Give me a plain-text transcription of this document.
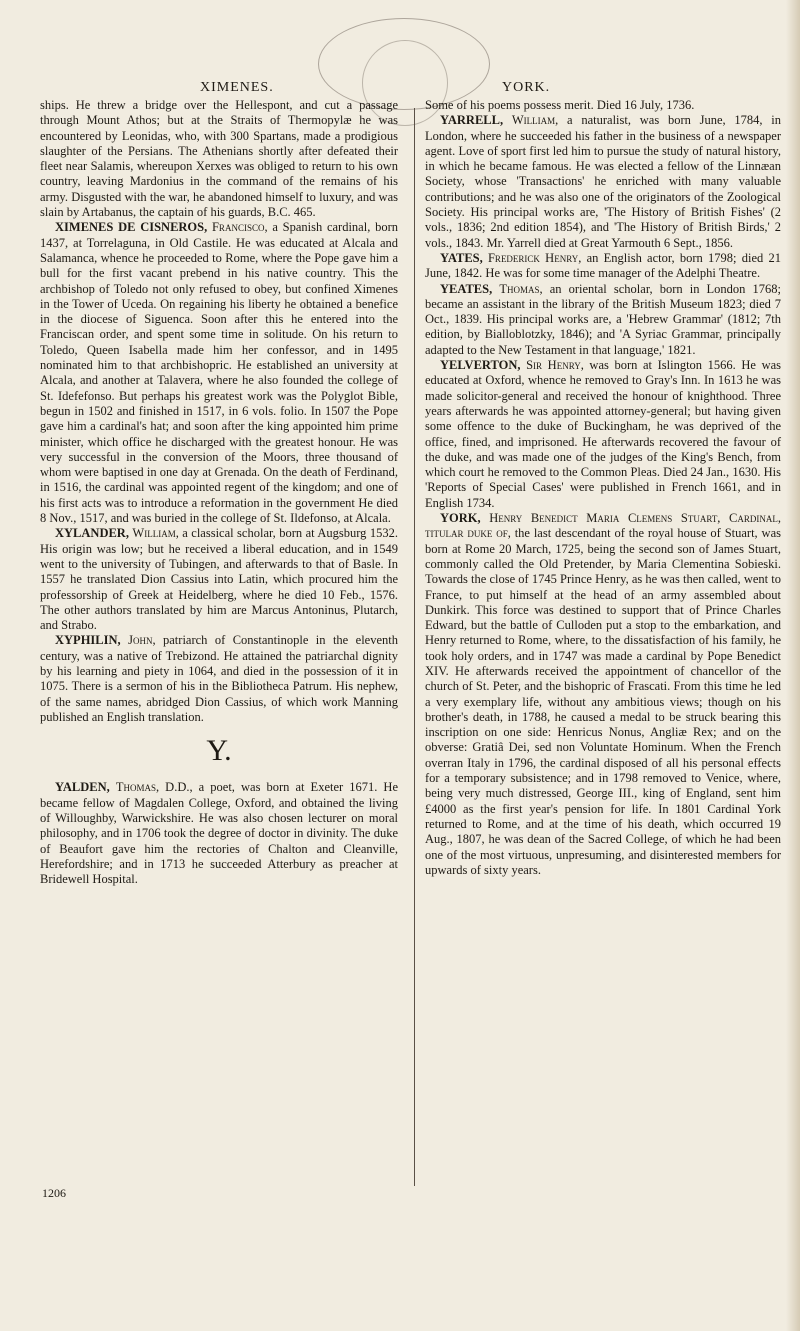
XIMENES.	YORK.

ships. He threw a bridge over the Hellespont, and cut a passage through Mount Athos; but at the Straits of Thermopylæ he was encountered by Leonidas, who, with 300 Spartans, made a prodigious slaughter of the Persians. The Athenians shortly after defeated their fleet near Salamis, whereupon Xerxes was obliged to return to his own country, leaving Mardonius in the command of the remains of his army. Disgusted with the war, he abandoned himself to luxury, and was slain by Artabanus, the captain of his guards, B.C. 465.

XIMENES DE CISNEROS, Francisco, a Spanish cardinal, born 1437, at Torrelaguna, in Old Castile. He was educated at Alcala and Salamanca, whence he proceeded to Rome, where the Pope gave him a bull for the first vacant prebend in his native country. This the archbishop of Toledo not only refused to obey, but confined Ximenes in the Tower of Uceda. On regaining his liberty he obtained a benefice in the diocese of Siguenca. Soon after this he entered into the Franciscan order, and spent some time in solitude. On his return to Toledo, Queen Isabella made him her confessor, and in 1495 nominated him to that archbishopric. He established an university at Alcala, and another at Talavera, where he also founded the college of St. Idefefonso. But perhaps his greatest work was the Polyglot Bible, begun in 1502 and finished in 1517, in 6 vols. folio. In 1507 the Pope gave him a cardinal's hat; and soon after the king appointed him prime minister, which office he discharged with the greatest honour. He was very successful in the conversion of the Moors, three thousand of whom were baptised in one day at Grenada. On the death of Ferdinand, in 1516, the cardinal was appointed regent of the kingdom; and one of his first acts was to introduce a reformation in the government He died 8 Nov., 1517, and was buried in the college of St. Ildefonso, at Alcala.

XYLANDER, William, a classical scholar, born at Augsburg 1532. His origin was low; but he received a liberal education, and in 1549 went to the university of Tubingen, and afterwards to that of Basle. In 1557 he translated Dion Cassius into Latin, which procured him the professorship of Greek at Heidelberg, where he died 10 Feb., 1576. The other authors translated by him are Marcus Antoninus, Plutarch, and Strabo.

XYPHILIN, John, patriarch of Constantinople in the eleventh century, was a native of Trebizond. He attained the patriarchal dignity by his learning and piety in 1064, and died in the possession of it in 1075. There is a sermon of his in the Bibliotheca Patrum. His nephew, of the same names, abridged Dion Cassius, of which work Manning published an English translation.

Y.

YALDEN, Thomas, D.D., a poet, was born at Exeter 1671. He became fellow of Magdalen College, Oxford, and obtained the living of Willoughby, Warwickshire. He was also chosen lecturer on moral philosophy, and in 1706 took the degree of doctor in divinity. The duke of Beaufort gave him the rectories of Chalton and Cleanville, Herefordshire; and in 1713 he succeeded Atterbury as preacher at Bridewell Hospital.

Some of his poems possess merit. Died 16 July, 1736.

YARRELL, William, a naturalist, was born June, 1784, in London, where he succeeded his father in the business of a newspaper agent. Love of sport first led him to pursue the study of natural history, in which he became famous. He was elected a fellow of the Linnæan Society, whose 'Transactions' he enriched with many valuable contributions; and he was also one of the originators of the Zoological Society. His principal works are, 'The History of British Fishes' (2 vols., 1836; 2nd edition 1854), and 'The History of British Birds,' 2 vols., 1843. Mr. Yarrell died at Great Yarmouth 6 Sept., 1856.

YATES, Frederick Henry, an English actor, born 1798; died 21 June, 1842. He was for some time manager of the Adelphi Theatre.

YEATES, Thomas, an oriental scholar, born in London 1768; became an assistant in the library of the British Museum 1823; died 7 Oct., 1839. His principal works are, a 'Hebrew Grammar' (1812; 7th edition, by Bialloblotzky, 1846); and 'A Syriac Grammar, principally adapted to the New Testament in that language,' 1821.

YELVERTON, Sir Henry, was born at Islington 1566. He was educated at Oxford, whence he removed to Gray's Inn. In 1613 he was made solicitor-general and received the honour of knighthood. Three years afterwards he was appointed attorney-general; but having given some offence to the duke of Buckingham, he was deprived of the office, fined, and imprisoned. He afterwards recovered the favour of the duke, and was made one of the judges of the King's Bench, from which court he removed to the Common Pleas. Died 24 Jan., 1630. His 'Reports of Special Cases' were published in French 1661, and in English 1734.

YORK, Henry Benedict Maria Clemens Stuart, Cardinal, titular duke of, the last descendant of the royal house of Stuart, was born at Rome 20 March, 1725, being the second son of James Stuart, commonly called the Old Pretender, by Maria Clementina Sobieski. Towards the close of 1745 Prince Henry, as he was then called, went to France, to put himself at the head of an army assembled about Dunkirk. This force was destined to support that of Prince Charles Edward, but the battle of Culloden put a stop to the embarkation, and Henry returned to Rome, where, to the dissatisfaction of his family, he took holy orders, and in 1747 was made a cardinal by Pope Benedict XIV. He afterwards received the appointment of chancellor of the church of St. Peter, and the bishopric of Frascati. From this time he led a very exemplary life, without any ambitious views; though on his brother's death, in 1788, he caused a medal to be struck bearing this inscription on one side: Henricus Nonus, Angliæ Rex; and on the obverse: Gratiâ Dei, sed non Voluntate Hominum. When the French overran Italy in 1796, the cardinal disposed of all his personal effects for a temporary subsistence; and in 1798 removed to Venice, where, being very much distressed, George III., king of England, sent him £4000 as the first year's pension for life. In 1801 Cardinal York returned to Rome, and at the time of his death, which occurred 19 Aug., 1807, he was dean of the Sacred College, of which he had been one of the most virtuous, unpresuming, and disinterested members for upwards of sixty years.

1206
